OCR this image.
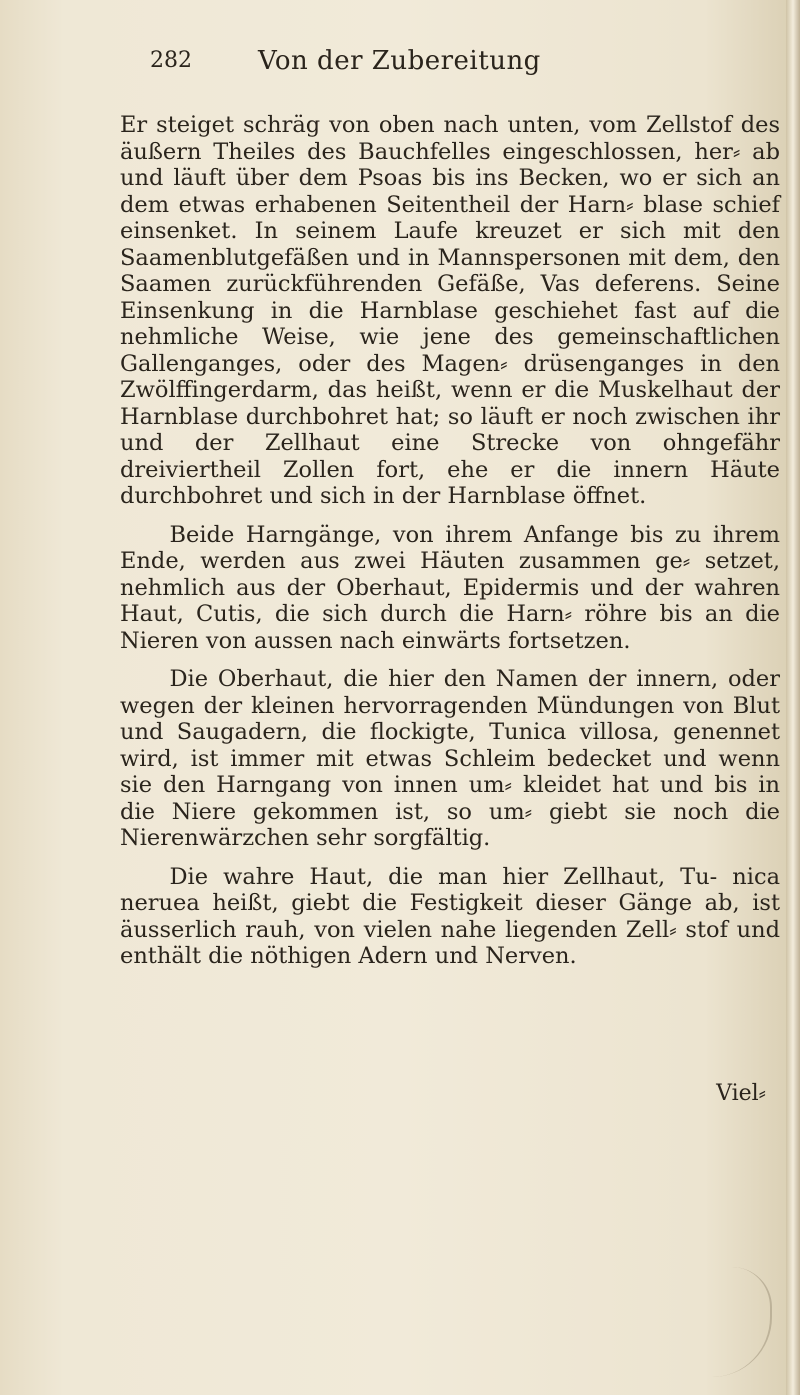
282	Von der Zubereitung

Er steiget schräg von oben nach unten, vom Zellstof des äußern Theiles des Bauchfelles eingeschlossen, her⸗ ab und läuft über dem Psoas bis ins Becken, wo er sich an dem etwas erhabenen Seitentheil der Harn⸗ blase schief einsenket. In seinem Laufe kreuzet er sich mit den Saamenblutgefäßen und in Mannspersonen mit dem, den Saamen zurückführenden Gefäße, Vas deferens. Seine Einsenkung in die Harnblase geschiehet fast auf die nehmliche Weise, wie jene des gemeinschaftlichen Gallenganges, oder des Magen⸗ drüsenganges in den Zwölffingerdarm, das heißt, wenn er die Muskelhaut der Harnblase durchbohret hat; so läuft er noch zwischen ihr und der Zellhaut eine Strecke von ohngefähr dreiviertheil Zollen fort, ehe er die innern Häute durchbohret und sich in der Harnblase öffnet.

Beide Harngänge, von ihrem Anfange bis zu ihrem Ende, werden aus zwei Häuten zusammen ge⸗ setzet, nehmlich aus der Oberhaut, Epidermis und der wahren Haut, Cutis, die sich durch die Harn⸗ röhre bis an die Nieren von aussen nach einwärts fortsetzen.

Die Oberhaut, die hier den Namen der innern, oder wegen der kleinen hervorragenden Mündungen von Blut und Saugadern, die flockigte, Tunica villosa, genennet wird, ist immer mit etwas Schleim bedecket und wenn sie den Harngang von innen um⸗ kleidet hat und bis in die Niere gekommen ist, so um⸗ giebt sie noch die Nierenwärzchen sehr sorgfältig.

Die wahre Haut, die man hier Zellhaut, Tu- nica neruea heißt, giebt die Festigkeit dieser Gänge ab, ist äusserlich rauh, von vielen nahe liegenden Zell⸗ stof und enthält die nöthigen Adern und Nerven.

Viel⸗
